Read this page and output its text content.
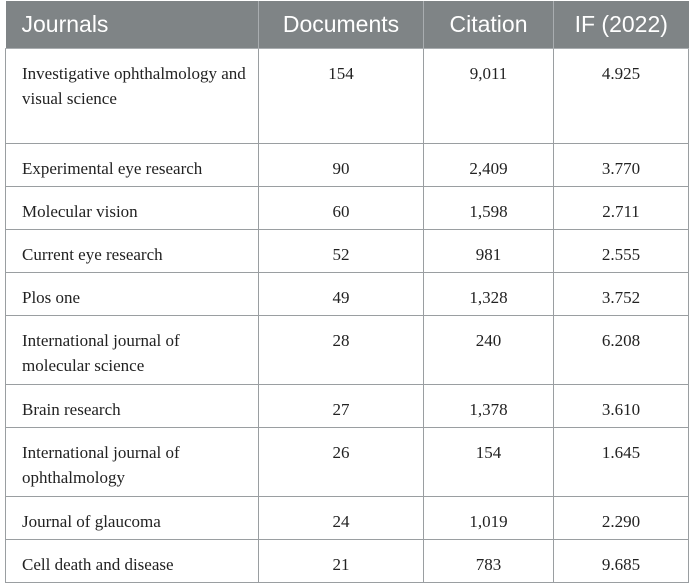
Journals	Documents	Citation	IF (2022)
Investigative ophthalmology and visual science	154	9,011	4.925
Experimental eye research	90	2,409	3.770
Molecular vision	60	1,598	2.711
Current eye research	52	981	2.555
Plos one	49	1,328	3.752
International journal of molecular science	28	240	6.208
Brain research	27	1,378	3.610
International journal of ophthalmology	26	154	1.645
Journal of glaucoma	24	1,019	2.290
Cell death and disease	21	783	9.685
